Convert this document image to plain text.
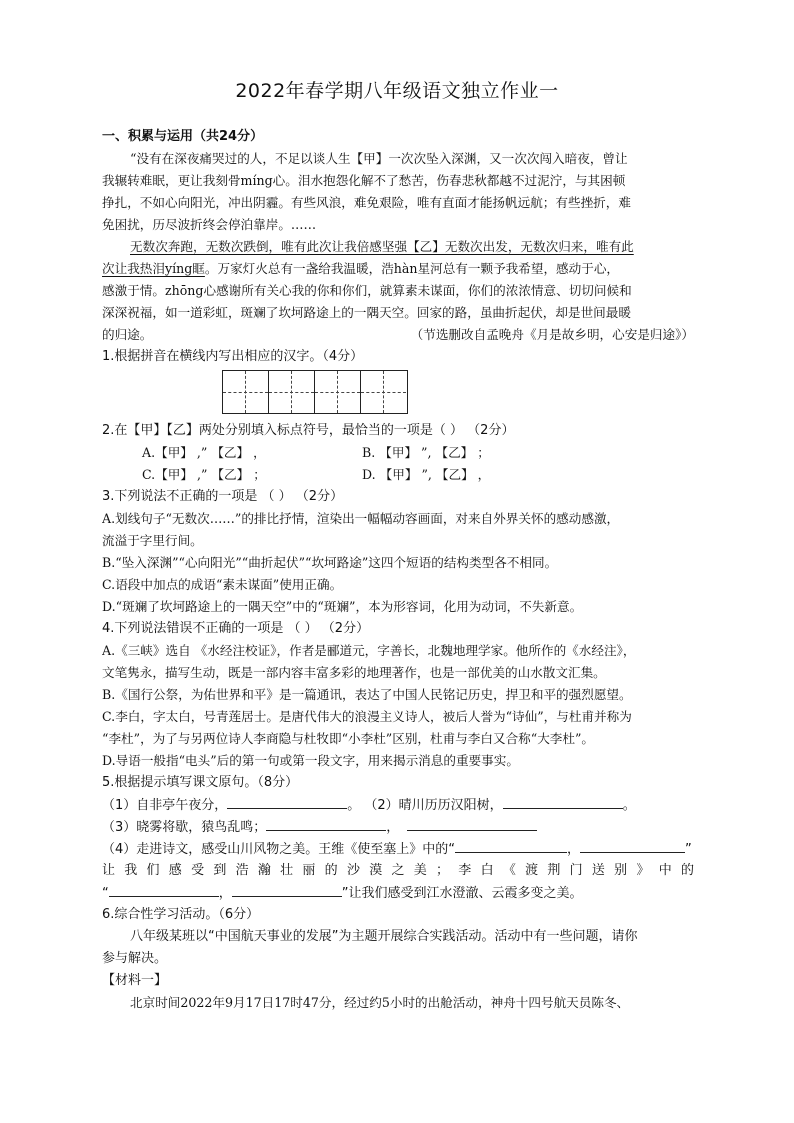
2022年春学期八年级语文独立作业一
一、积累与运用（共24分）
“没有在深夜痛哭过的人，不足以谈人生【甲】一次次坠入深渊，又一次次闯入暗夜，曾让
我辗转难眠，更让我刻骨míng心。泪水抱怨化解不了愁苦，伤春悲秋都越不过泥泞，与其困顿
挣扎，不如心向阳光，冲出阴霾。有些风浪，难免艰险，唯有直面才能扬帆远航；有些挫折，难
免困扰，历尽波折终会停泊靠岸。……
无数次奔跑，无数次跌倒，唯有此次让我倍感坚强【乙】无数次出发，无数次归来，唯有此
次让我热泪yíng眶。万家灯火总有一盏给我温暖，浩hàn星河总有一颗予我希望，感动于心，
感激于情。zhōng心感谢所有关心我的你和你们，就算素未谋面，你们的浓浓情意、切切问候和
深深祝福，如一道彩虹，斑斓了坎坷路途上的一隅天空。回家的路，虽曲折起伏，却是世间最暖
的归途。	（节选删改自孟晚舟《月是故乡明，心安是归途》）
1.根据拼音在横线内写出相应的汉字。（4分）
2.在【甲】【乙】两处分别填入标点符号，最恰当的一项是（ ） （2分）
A.【甲】 ,” 【乙】 ，	B. 【甲】 ”, 【乙】 ；
C.【甲】 ,” 【乙】 ；	D. 【甲】 ”, 【乙】 ，
3.下列说法不正确的一项是 （ ） （2分）
A.划线句子“无数次……”的排比抒情，渲染出一幅幅动容画面，对来自外界关怀的感动感激，
流溢于字里行间。
B.“坠入深渊”“心向阳光”“曲折起伏”“坎坷路途”这四个短语的结构类型各不相同。
C.语段中加点的成语“素未谋面”使用正确。
D.“斑斓了坎坷路途上的一隅天空”中的“斑斓”，本为形容词，化用为动词，不失新意。
4.下列说法错误不正确的一项是 （ ） （2分）
A.《三峡》选自 《水经注校证》，作者是郦道元，字善长，北魏地理学家。他所作的《水经注》，
文笔隽永，描写生动，既是一部内容丰富多彩的地理著作，也是一部优美的山水散文汇集。
B.《国行公祭，为佑世界和平》是一篇通讯，表达了中国人民铭记历史，捍卫和平的强烈愿望。
C.李白，字太白，号青莲居士。是唐代伟大的浪漫主义诗人，被后人誉为“诗仙”，与杜甫并称为
“李杜”，为了与另两位诗人李商隐与杜牧即“小李杜”区别，杜甫与李白又合称“大李杜”。
D.导语一般指“电头”后的第一句或第一段文字，用来揭示消息的重要事实。
5.根据提示填写课文原句。（8分）
（1）自非亭午夜分，	。 （2）晴川历历汉阳树，	。
（3）晓雾将歇，猿鸟乱鸣；	，
（4）走进诗文，感受山川风物之美。王维《使至塞上》中的“	，	”
让我们感受到浩瀚壮丽的沙漠之美；李白《渡荆门送别》中的
“	，	”让我们感受到江水澄澈、云霞多变之美。
6.综合性学习活动。（6分）
八年级某班以“中国航天事业的发展”为主题开展综合实践活动。活动中有一些问题，请你
参与解决。
【材料一】
北京时间2022年9月17日17时47分，经过约5小时的出舱活动，神舟十四号航天员陈冬、
